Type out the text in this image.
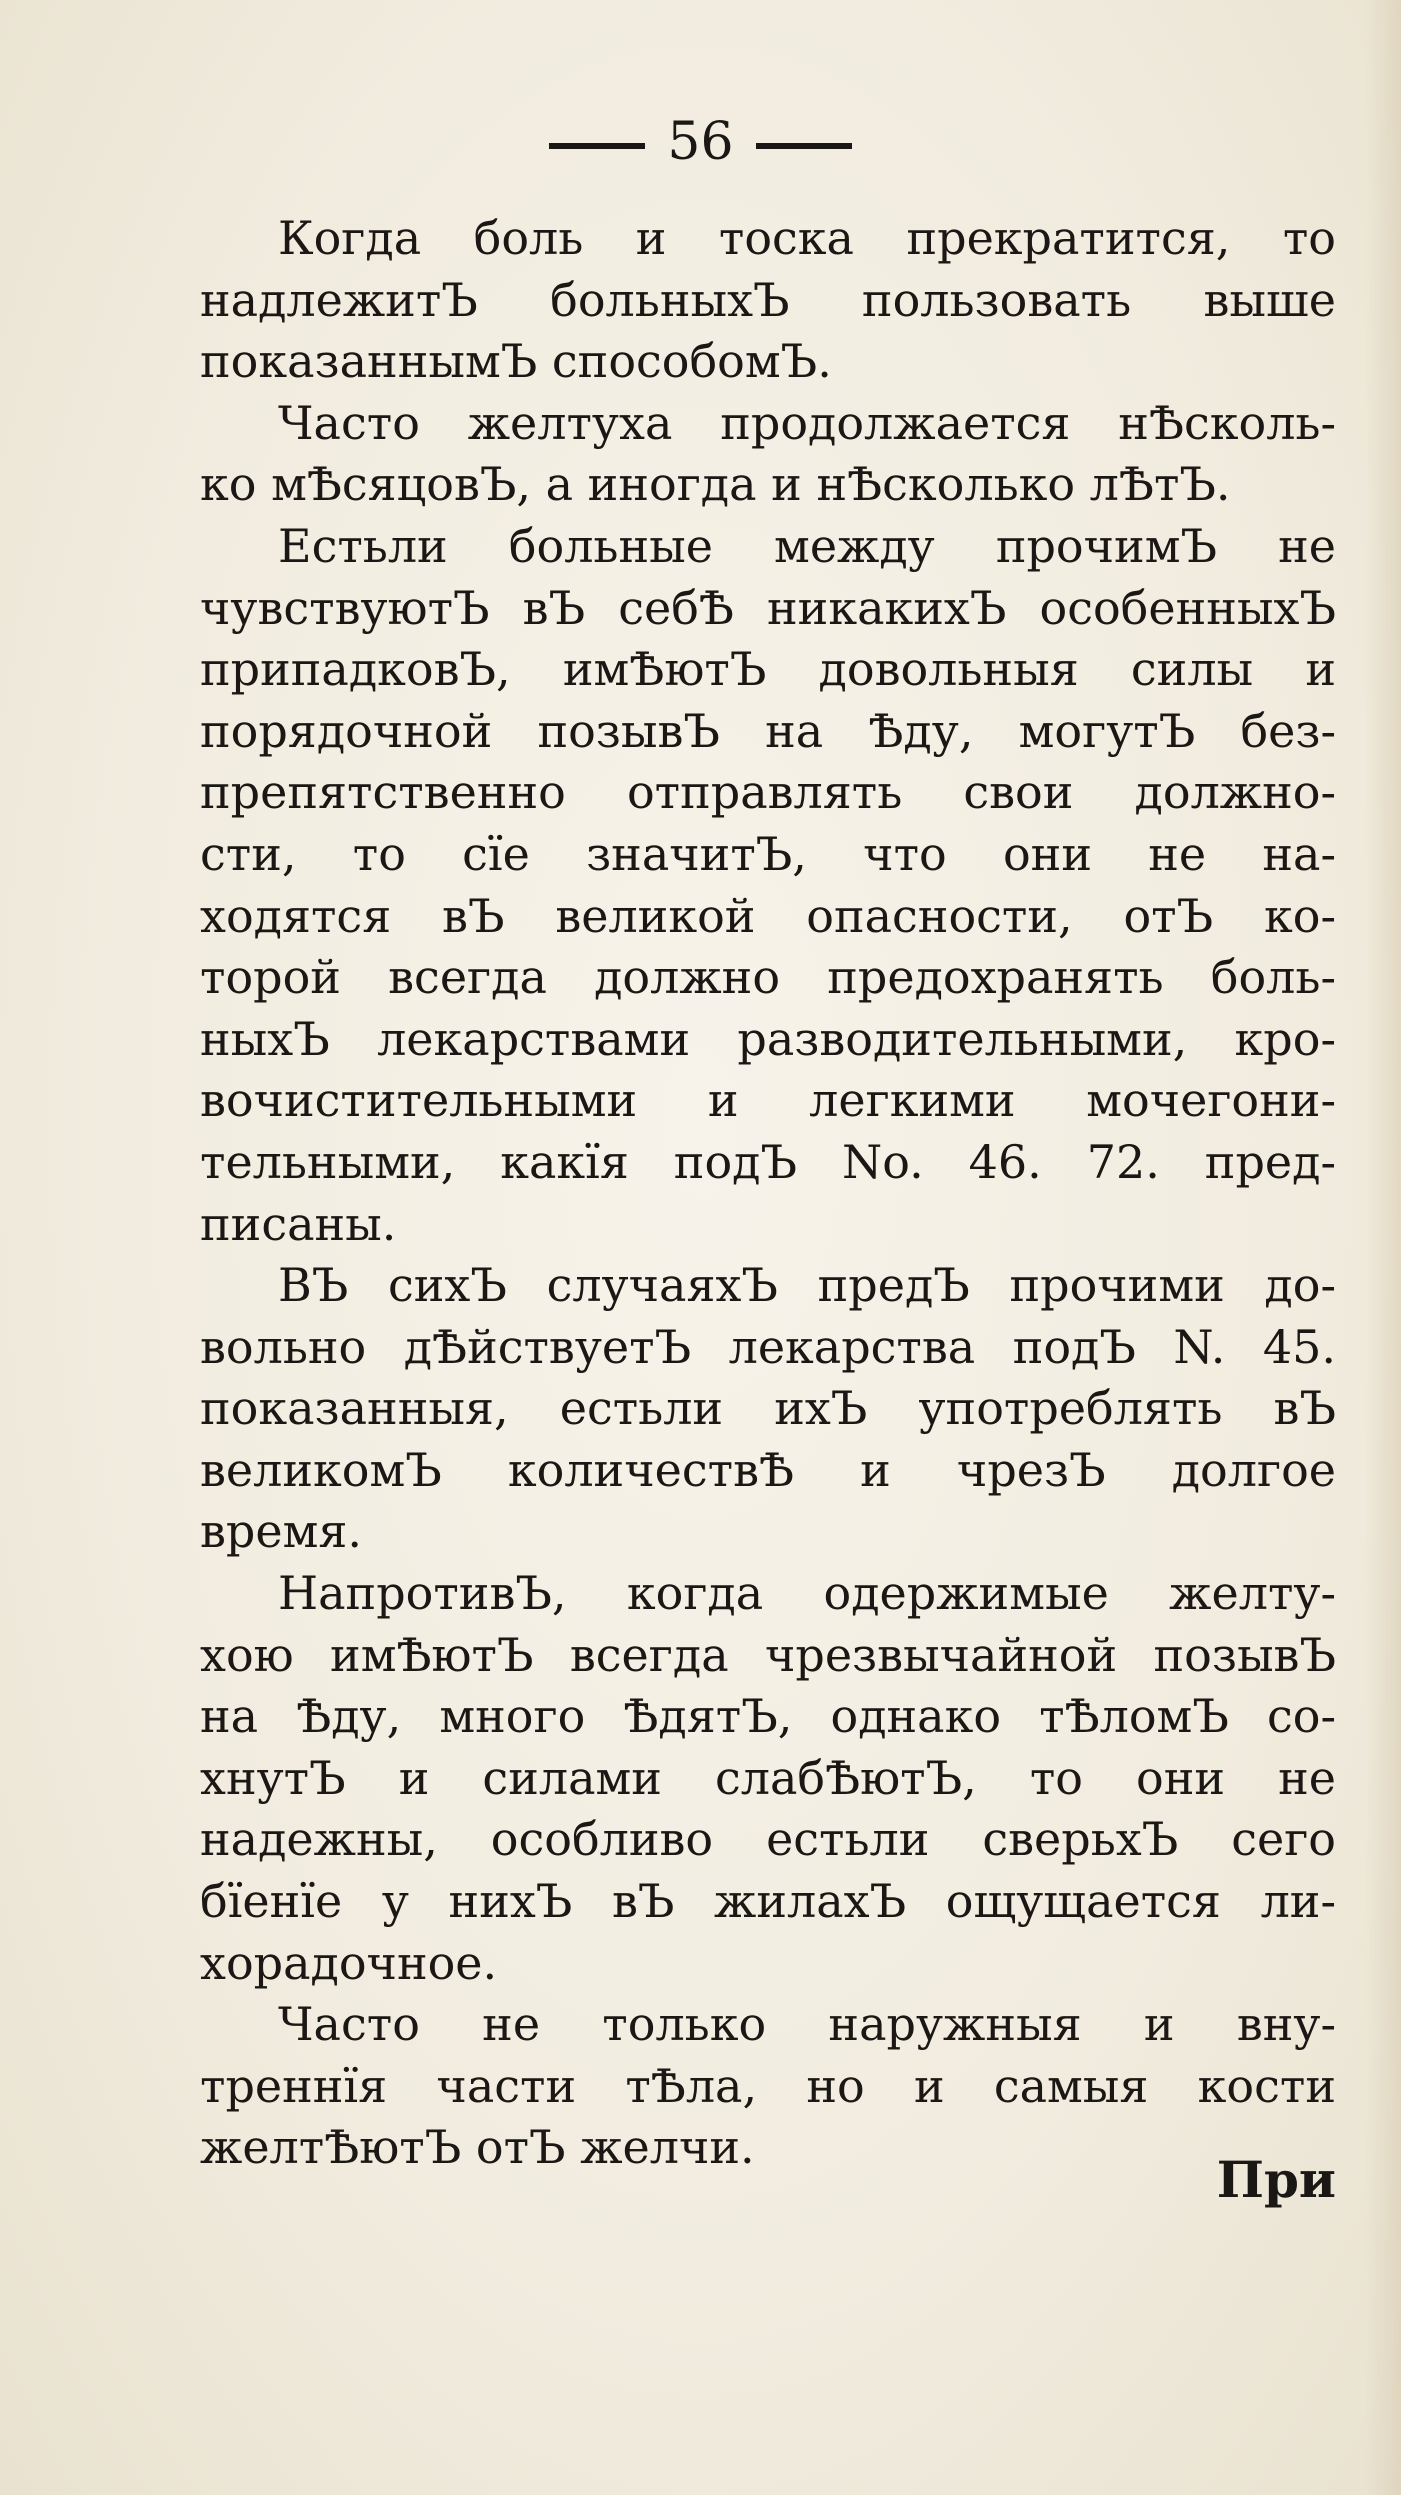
56
Когда боль и тоска прекратится, то
надлежитЪ больныхЪ пользовать выше
показаннымЪ способомЪ.
Часто желтуха продолжается нѢсколь-
ко мѢсяцовЪ, а иногда и нѢсколько лѢтЪ.
Естьли больные между прочимЪ не
чувствуютЪ вЪ себѢ никакихЪ особенныхЪ
припадковЪ, имѢютЪ довольныя силы и
порядочной позывЪ на Ѣду, могутЪ без-
препятственно отправлять свои должно-
сти, то сїе значитЪ, что они не на-
ходятся вЪ великой опасности, отЪ ко-
торой всегда должно предохранять боль-
ныхЪ лекарствами разводительными, кро-
вочистительными и легкими мочегони-
тельными, какїя подЪ No. 46. 72. пред-
писаны.
ВЪ сихЪ случаяхЪ предЪ прочими до-
вольно дѢйствуетЪ лекарства подЪ N. 45.
показанныя, естьли ихЪ употреблять вЪ
великомЪ количествѢ и чрезЪ долгое
время.
НапротивЪ, когда одержимые желту-
хою имѢютЪ всегда чрезвычайной позывЪ
на Ѣду, много ѢдятЪ, однако тѢломЪ со-
хнутЪ и силами слабѢютЪ, то они не
надежны, особливо естьли сверьхЪ сего
бїенїе у нихЪ вЪ жилахЪ ощущается ли-
хорадочное.
Часто не только наружныя и вну-
треннїя части тѢла, но и самыя кости
желтѢютЪ отЪ желчи.
При
